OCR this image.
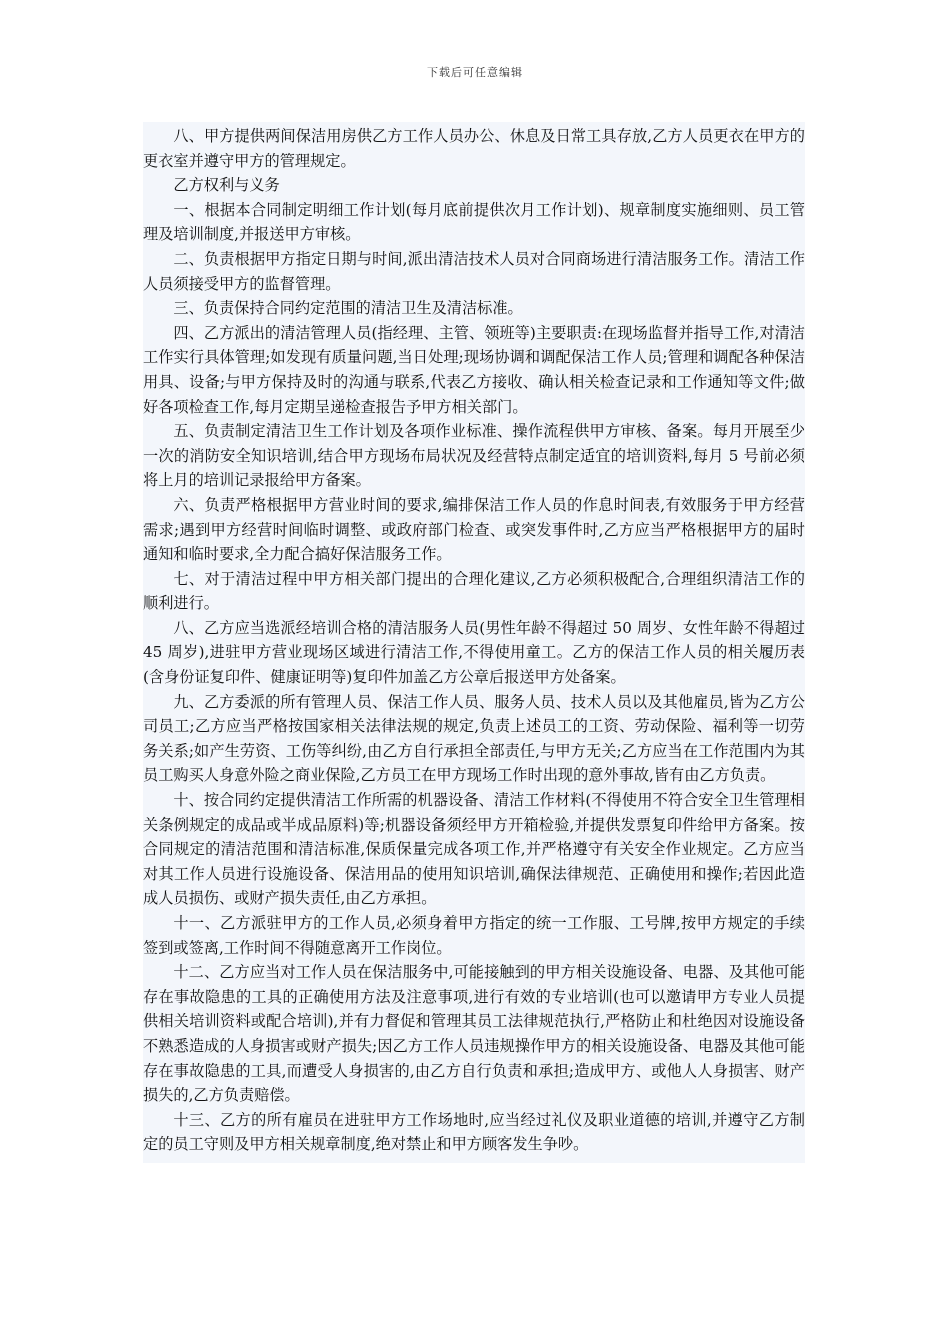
下载后可任意编辑

八、甲方提供两间保洁用房供乙方工作人员办公、休息及日常工具存放,乙方人员更衣在甲方的更衣室并遵守甲方的管理规定。

乙方权利与义务

一、根据本合同制定明细工作计划(每月底前提供次月工作计划)、规章制度实施细则、员工管理及培训制度,并报送甲方审核。

二、负责根据甲方指定日期与时间,派出清洁技术人员对合同商场进行清洁服务工作。清洁工作人员须接受甲方的监督管理。

三、负责保持合同约定范围的清洁卫生及清洁标准。

四、乙方派出的清洁管理人员(指经理、主管、领班等)主要职责:在现场监督并指导工作,对清洁工作实行具体管理;如发现有质量问题,当日处理;现场协调和调配保洁工作人员;管理和调配各种保洁用具、设备;与甲方保持及时的沟通与联系,代表乙方接收、确认相关检查记录和工作通知等文件;做好各项检查工作,每月定期呈递检查报告予甲方相关部门。

五、负责制定清洁卫生工作计划及各项作业标准、操作流程供甲方审核、备案。每月开展至少一次的消防安全知识培训,结合甲方现场布局状况及经营特点制定适宜的培训资料,每月 5 号前必须将上月的培训记录报给甲方备案。

六、负责严格根据甲方营业时间的要求,编排保洁工作人员的作息时间表,有效服务于甲方经营需求;遇到甲方经营时间临时调整、或政府部门检查、或突发事件时,乙方应当严格根据甲方的届时通知和临时要求,全力配合搞好保洁服务工作。

七、对于清洁过程中甲方相关部门提出的合理化建议,乙方必须积极配合,合理组织清洁工作的顺利进行。

八、乙方应当选派经培训合格的清洁服务人员(男性年龄不得超过 50 周岁、女性年龄不得超过 45 周岁),进驻甲方营业现场区域进行清洁工作,不得使用童工。乙方的保洁工作人员的相关履历表(含身份证复印件、健康证明等)复印件加盖乙方公章后报送甲方处备案。

九、乙方委派的所有管理人员、保洁工作人员、服务人员、技术人员以及其他雇员,皆为乙方公司员工;乙方应当严格按国家相关法律法规的规定,负责上述员工的工资、劳动保险、福利等一切劳务关系;如产生劳资、工伤等纠纷,由乙方自行承担全部责任,与甲方无关;乙方应当在工作范围内为其员工购买人身意外险之商业保险,乙方员工在甲方现场工作时出现的意外事故,皆有由乙方负责。

十、按合同约定提供清洁工作所需的机器设备、清洁工作材料(不得使用不符合安全卫生管理相关条例规定的成品或半成品原料)等;机器设备须经甲方开箱检验,并提供发票复印件给甲方备案。按合同规定的清洁范围和清洁标准,保质保量完成各项工作,并严格遵守有关安全作业规定。乙方应当对其工作人员进行设施设备、保洁用品的使用知识培训,确保法律规范、正确使用和操作;若因此造成人员损伤、或财产损失责任,由乙方承担。

十一、乙方派驻甲方的工作人员,必须身着甲方指定的统一工作服、工号牌,按甲方规定的手续签到或签离,工作时间不得随意离开工作岗位。

十二、乙方应当对工作人员在保洁服务中,可能接触到的甲方相关设施设备、电器、及其他可能存在事故隐患的工具的正确使用方法及注意事项,进行有效的专业培训(也可以邀请甲方专业人员提供相关培训资料或配合培训),并有力督促和管理其员工法律规范执行,严格防止和杜绝因对设施设备不熟悉造成的人身损害或财产损失;因乙方工作人员违规操作甲方的相关设施设备、电器及其他可能存在事故隐患的工具,而遭受人身损害的,由乙方自行负责和承担;造成甲方、或他人人身损害、财产损失的,乙方负责赔偿。

十三、乙方的所有雇员在进驻甲方工作场地时,应当经过礼仪及职业道德的培训,并遵守乙方制定的员工守则及甲方相关规章制度,绝对禁止和甲方顾客发生争吵。
